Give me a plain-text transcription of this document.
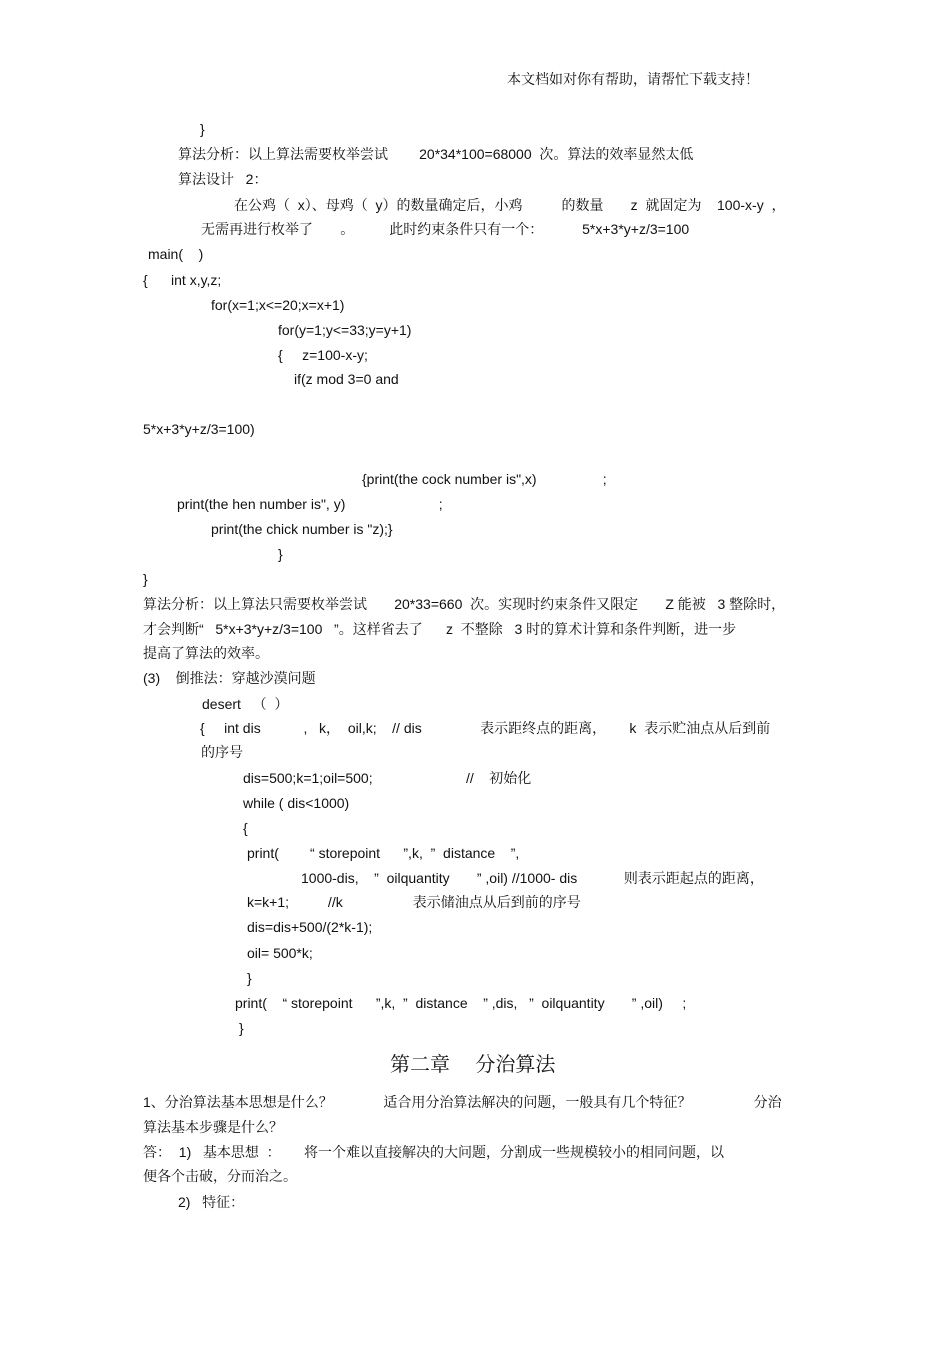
本文档如对你有帮助，请帮忙下载支持！
}
算法分析：以上算法需要枚举尝试        20*34*100=68000  次。算法的效率显然太低
算法设计   2：
在公鸡（  x）、母鸡（  y）的数量确定后，小鸡          的数量       z  就固定为    100-x-y  ，
无需再进行枚举了       。         此时约束条件只有一个：          5*x+3*y+z/3=100
main(    )
{      int x,y,z;
for(x=1;x<=20;x=x+1)
for(y=1;y<=33;y=y+1)
{     z=100-x-y;
if(z mod 3=0 and
5*x+3*y+z/3=100)
{print(the cock number is",x)                 ;
print(the hen number is", y)                        ;
print(the chick number is "z);}
}
}
算法分析：以上算法只需要枚举尝试       20*33=660  次。实现时约束条件又限定       Z 能被   3 整除时，
才会判断“   5*x+3*y+z/3=100   ”。这样省去了      z  不整除   3 时的算术计算和条件判断，进一步
提高了算法的效率。
(3)    倒推法：穿越沙漠问题
desert   （  ）
{     int dis           ,   k，  oil,k;    // dis               表示距终点的距离，      k  表示贮油点从后到前
的序号
dis=500;k=1;oil=500;                        //    初始化
while ( dis<1000)
{
print(        “ storepoint      ”,k,  ”  distance    ”,
1000-dis,    ”  oilquantity       ” ,oil) //1000- dis            则表示距起点的距离，
k=k+1;          //k                  表示储油点从后到前的序号
dis=dis+500/(2*k-1);
oil= 500*k;
}
print(    “ storepoint      ”,k,  ”  distance    ” ,dis,   ”  oilquantity       ” ,oil)     ;
}
第二章    分治算法
1、分治算法基本思想是什么？             适合用分治算法解决的问题，一般具有几个特征？                分治
算法基本步骤是什么？
答：  1)   基本思想  ：      将一个难以直接解决的大问题，分割成一些规模较小的相同问题，以
便各个击破，分而治之。
2)   特征：
